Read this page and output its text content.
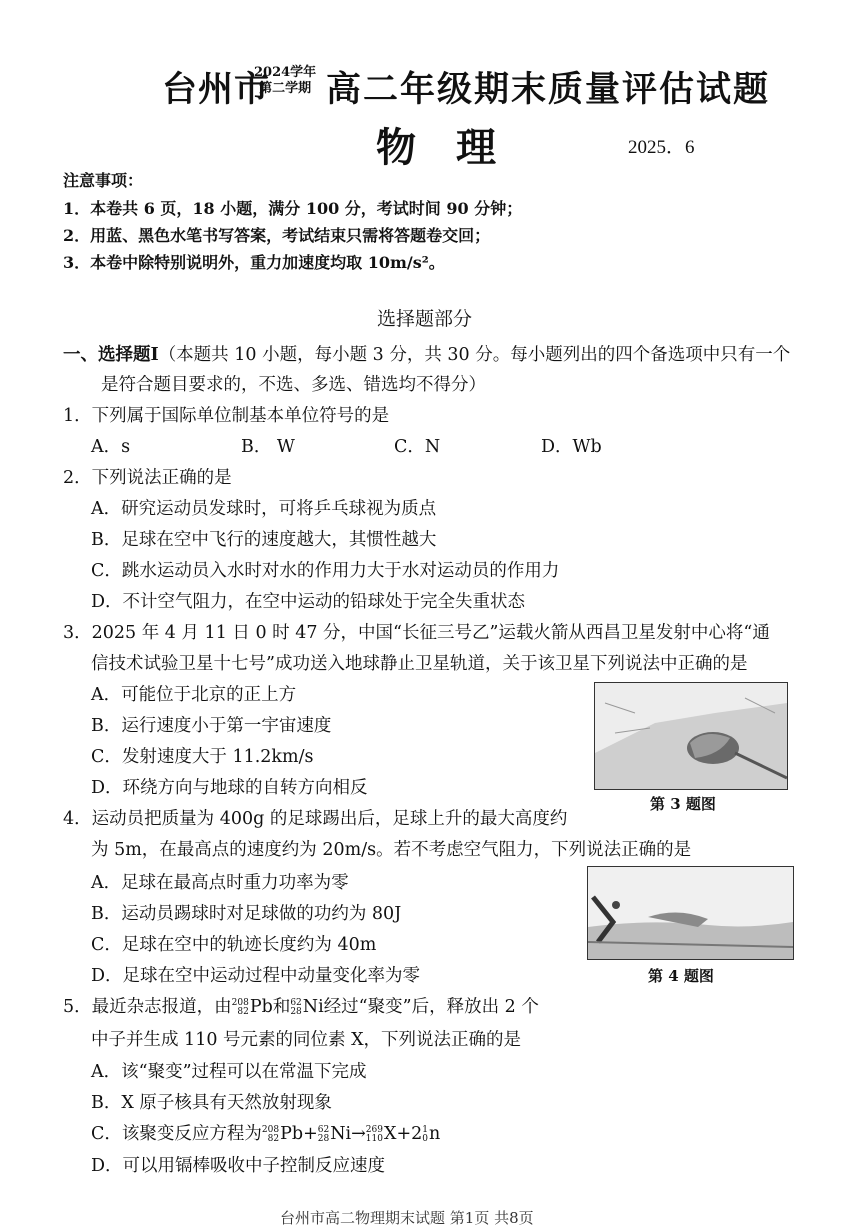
台州市
2024学年
第二学期 高二年级期末质量评估试题
物理	2025．6
注意事项：
1．本卷共 6 页，18 小题，满分 100 分，考试时间 90 分钟；
2．用蓝、黑色水笔书写答案，考试结束只需将答题卷交回；
3．本卷中除特别说明外，重力加速度均取 10m/s²。
选择题部分
一、选择题Ⅰ（本题共 10 小题，每小题 3 分，共 30 分。每小题列出的四个备选项中只有一个
是符合题目要求的，不选、多选、错选均不得分）
1．下列属于国际单位制基本单位符号的是
A．s	B． W	C．N	D．Wb
2．下列说法正确的是
A．研究运动员发球时，可将乒乓球视为质点
B．足球在空中飞行的速度越大，其惯性越大
C．跳水运动员入水时对水的作用力大于水对运动员的作用力
D．不计空气阻力，在空中运动的铅球处于完全失重状态
3．2025 年 4 月 11 日 0 时 47 分，中国“长征三号乙”运载火箭从西昌卫星发射中心将“通
信技术试验卫星十七号”成功送入地球静止卫星轨道，关于该卫星下列说法中正确的是
A．可能位于北京的正上方
B．运行速度小于第一宇宙速度
C．发射速度大于 11.2km/s
D．环绕方向与地球的自转方向相反
第 3 题图
4．运动员把质量为 400g 的足球踢出后，足球上升的最大高度约
为 5m，在最高点的速度约为 20m/s。若不考虑空气阻力，下列说法正确的是
A．足球在最高点时重力功率为零
B．运动员踢球时对足球做的功约为 80J
C．足球在空中的轨迹长度约为 40m
D．足球在空中运动过程中动量变化率为零	第 4 题图
5．最近杂志报道，由 208
82 Pb和 62
28 Ni经过“聚变”后，释放出 2 个
中子并生成 110 号元素的同位素 X，下列说法正确的是
A．该“聚变”过程可以在常温下完成
B．X 原子核具有天然放射现象
C．该聚变反应方程为 208
82 Pb+ 62
28 Ni→ 269
110 X+2 1
0 n
D．可以用镉棒吸收中子控制反应速度
台州市高二物理期末试题 第1页 共8页
